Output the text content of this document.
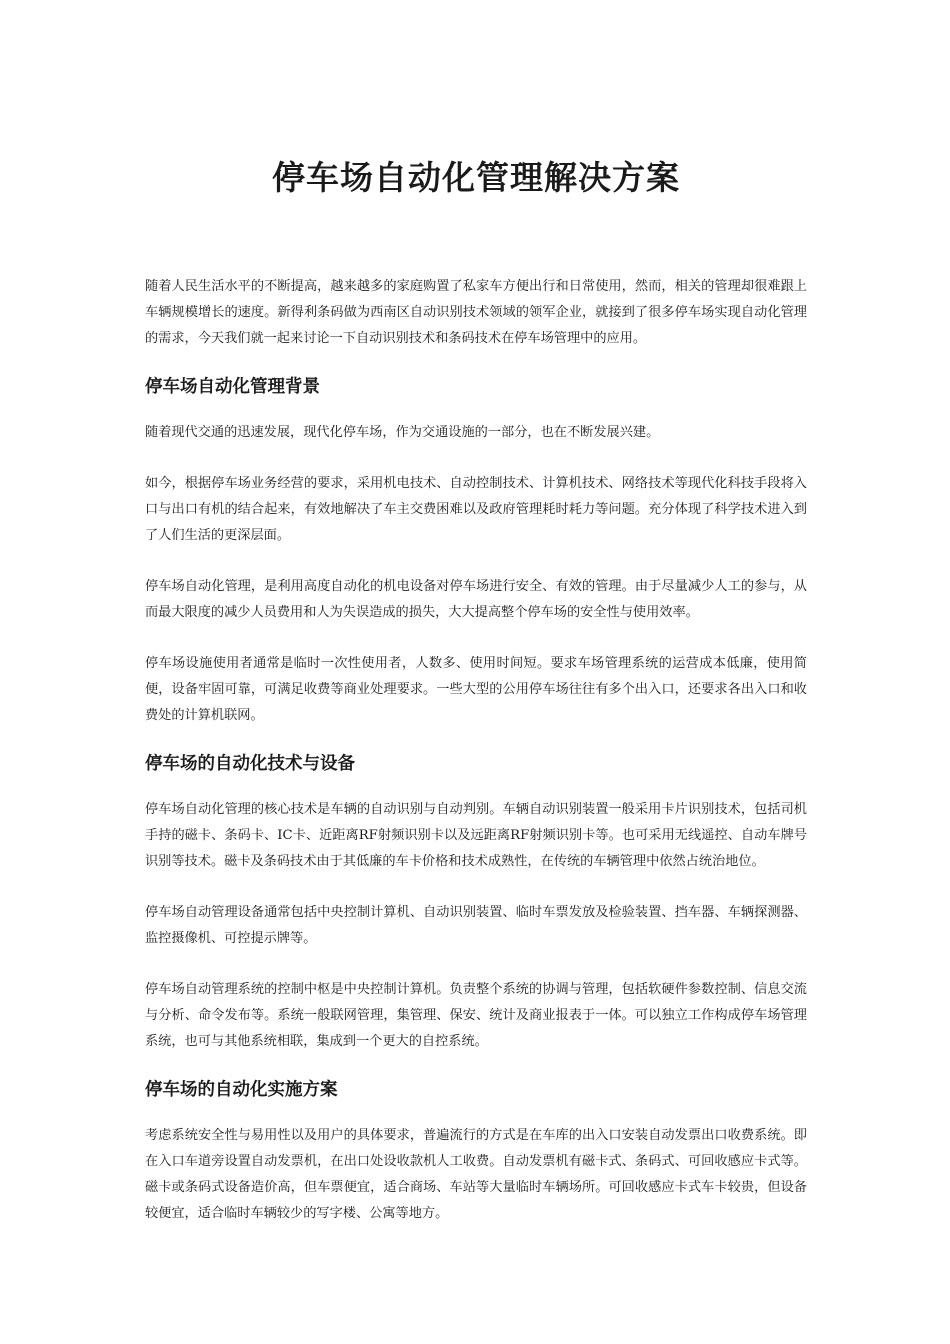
停车场自动化管理解决方案

随着人民生活水平的不断提高，越来越多的家庭购置了私家车方便出行和日常使用，然而，相关的管理却很难跟上车辆规模增长的速度。新得利条码做为西南区自动识别技术领域的领军企业，就接到了很多停车场实现自动化管理的需求，今天我们就一起来讨论一下自动识别技术和条码技术在停车场管理中的应用。

停车场自动化管理背景

随着现代交通的迅速发展，现代化停车场，作为交通设施的一部分，也在不断发展兴建。

如今，根据停车场业务经营的要求，采用机电技术、自动控制技术、计算机技术、网络技术等现代化科技手段将入口与出口有机的结合起来，有效地解决了车主交费困难以及政府管理耗时耗力等问题。充分体现了科学技术进入到了人们生活的更深层面。

停车场自动化管理，是利用高度自动化的机电设备对停车场进行安全、有效的管理。由于尽量减少人工的参与，从而最大限度的减少人员费用和人为失误造成的损失，大大提高整个停车场的安全性与使用效率。

停车场设施使用者通常是临时一次性使用者，人数多、使用时间短。要求车场管理系统的运营成本低廉，使用简便，设备牢固可靠，可满足收费等商业处理要求。一些大型的公用停车场往往有多个出入口，还要求各出入口和收费处的计算机联网。

停车场的自动化技术与设备

停车场自动化管理的核心技术是车辆的自动识别与自动判别。车辆自动识别装置一般采用卡片识别技术，包括司机手持的磁卡、条码卡、IC卡、近距离RF射频识别卡以及远距离RF射频识别卡等。也可采用无线遥控、自动车牌号识别等技术。磁卡及条码技术由于其低廉的车卡价格和技术成熟性，在传统的车辆管理中依然占统治地位。

停车场自动管理设备通常包括中央控制计算机、自动识别装置、临时车票发放及检验装置、挡车器、车辆探测器、监控摄像机、可控提示牌等。

停车场自动管理系统的控制中枢是中央控制计算机。负责整个系统的协调与管理，包括软硬件参数控制、信息交流与分析、命令发布等。系统一般联网管理，集管理、保安、统计及商业报表于一体。可以独立工作构成停车场管理系统，也可与其他系统相联，集成到一个更大的自控系统。

停车场的自动化实施方案

考虑系统安全性与易用性以及用户的具体要求，普遍流行的方式是在车库的出入口安装自动发票出口收费系统。即在入口车道旁设置自动发票机，在出口处设收款机人工收费。自动发票机有磁卡式、条码式、可回收感应卡式等。磁卡或条码式设备造价高，但车票便宜，适合商场、车站等大量临时车辆场所。可回收感应卡式车卡较贵，但设备较便宜，适合临时车辆较少的写字楼、公寓等地方。
